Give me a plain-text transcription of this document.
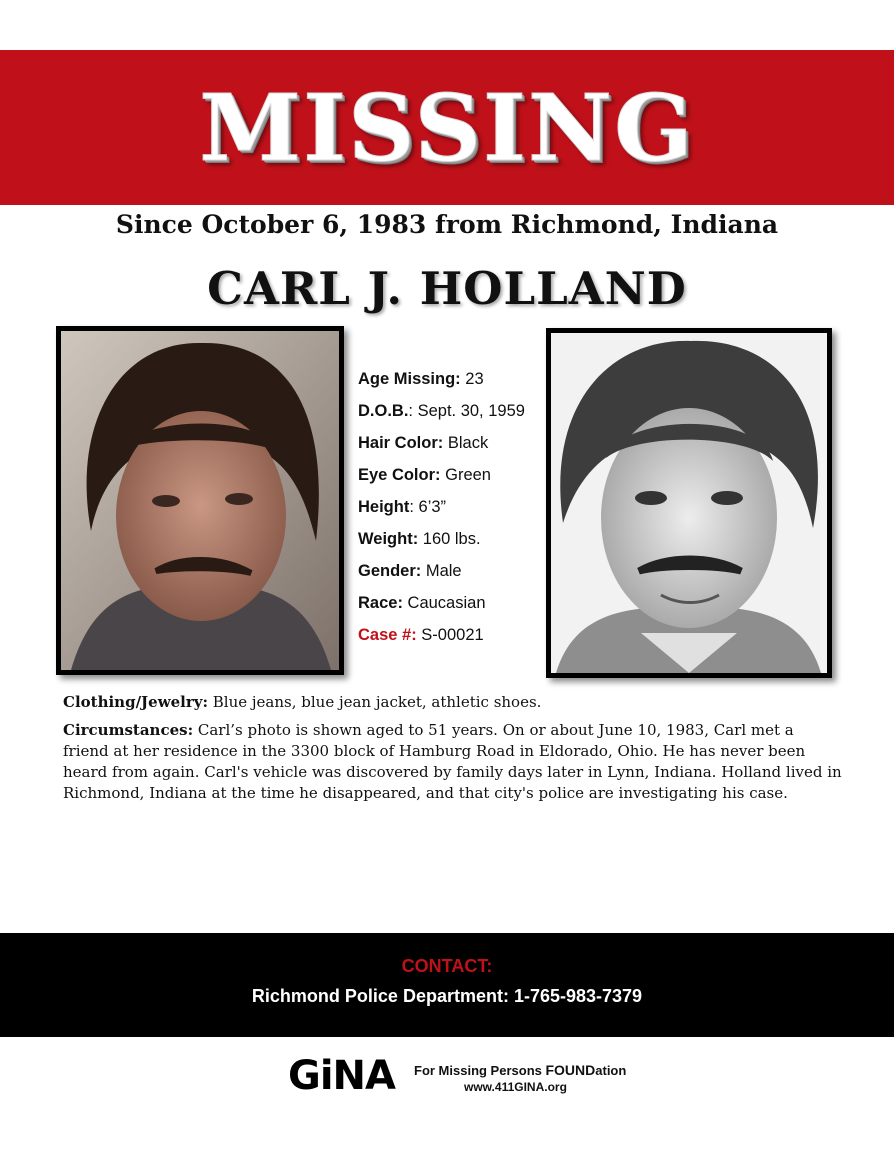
MISSING
Since October 6, 1983 from Richmond, Indiana
CARL J. HOLLAND
Age Missing: 23
D.O.B.: Sept. 30, 1959
Hair Color: Black
Eye Color: Green
Height: 6’3”
Weight: 160 lbs.
Gender: Male
Race: Caucasian
Case #: S-00021
Clothing/Jewelry: Blue jeans, blue jean jacket, athletic shoes.
Circumstances: Carl’s photo is shown aged to 51 years. On or about June 10, 1983, Carl met a friend at her residence in the 3300 block of Hamburg Road in Eldorado, Ohio. He has never been heard from again. Carl's vehicle was discovered by family days later in Lynn, Indiana. Holland lived in Richmond, Indiana at the time he disappeared, and that city's police are investigating his case.
CONTACT:
Richmond Police Department: 1-765-983-7379
GiNA For Missing Persons FOUNDation
www.411GINA.org
